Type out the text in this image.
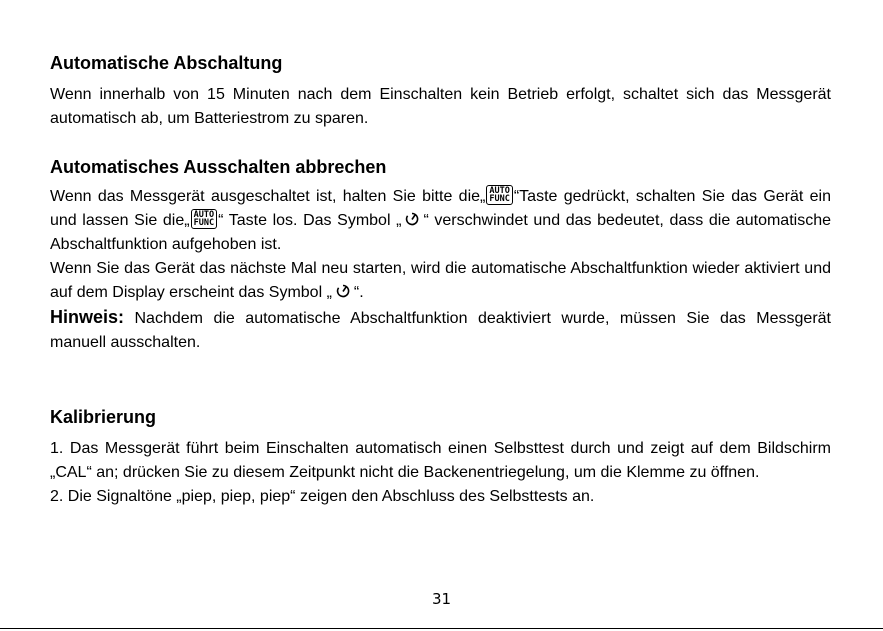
Automatische Abschaltung

Wenn innerhalb von 15 Minuten nach dem Einschalten kein Betrieb erfolgt, schaltet sich das Messgerät automatisch ab, um Batteriestrom zu sparen.

Automatisches Ausschalten abbrechen

Wenn das Messgerät ausgeschaltet ist, halten Sie bitte die„ AUTO
FUNC “Taste gedrückt, schalten Sie das Gerät ein und lassen Sie die„ AUTO
FUNC “ Taste los. Das Symbol „ “ verschwindet und das bedeutet, dass die automatische Abschaltfunktion aufgehoben ist.

Wenn Sie das Gerät das nächste Mal neu starten, wird die automatische Abschaltfunktion wieder aktiviert und auf dem Display erscheint das Symbol „ “.

Hinweis: Nachdem die automatische Abschaltfunktion deaktiviert wurde, müssen Sie das Messgerät manuell ausschalten.

Kalibrierung

1. Das Messgerät führt beim Einschalten automatisch einen Selbsttest durch und zeigt auf dem Bildschirm „CAL“ an; drücken Sie zu diesem Zeitpunkt nicht die Backenentriegelung, um die Klemme zu öffnen.

2. Die Signaltöne „piep, piep, piep“ zeigen den Abschluss des Selbsttests an.

31
